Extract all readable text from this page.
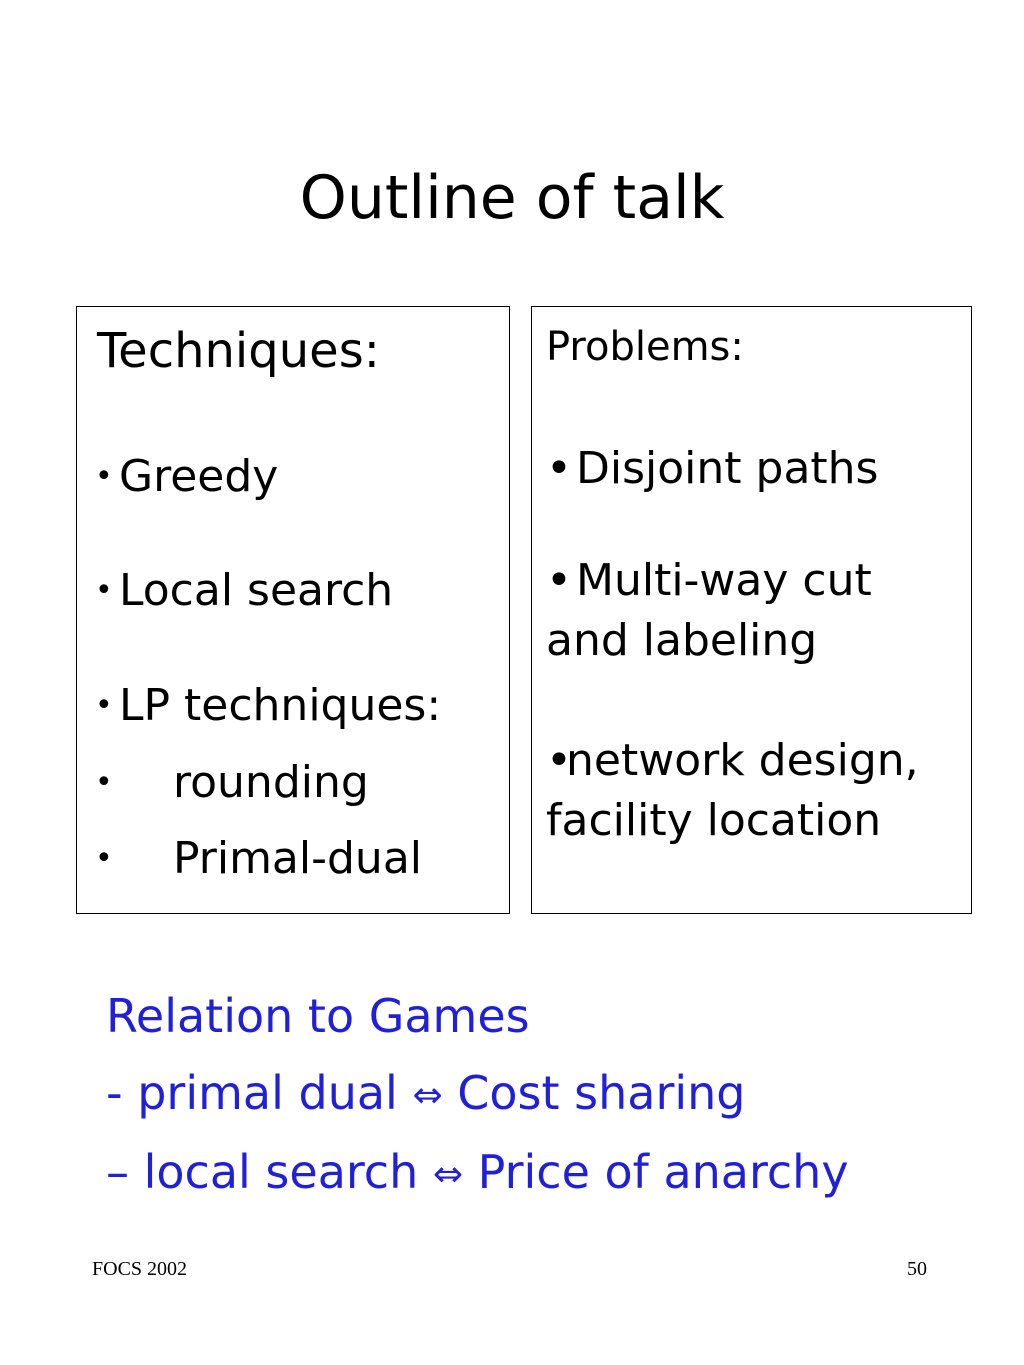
Outline of talk
Techniques:
• Greedy
• Local search
• LP techniques:
• rounding
• Primal-dual
Problems:
•Disjoint paths
•Multi-way cut
and labeling
•network design,
facility location
Relation to Games
- primal dual ⇔ Cost sharing
– local search ⇔ Price of anarchy
FOCS 2002	50
